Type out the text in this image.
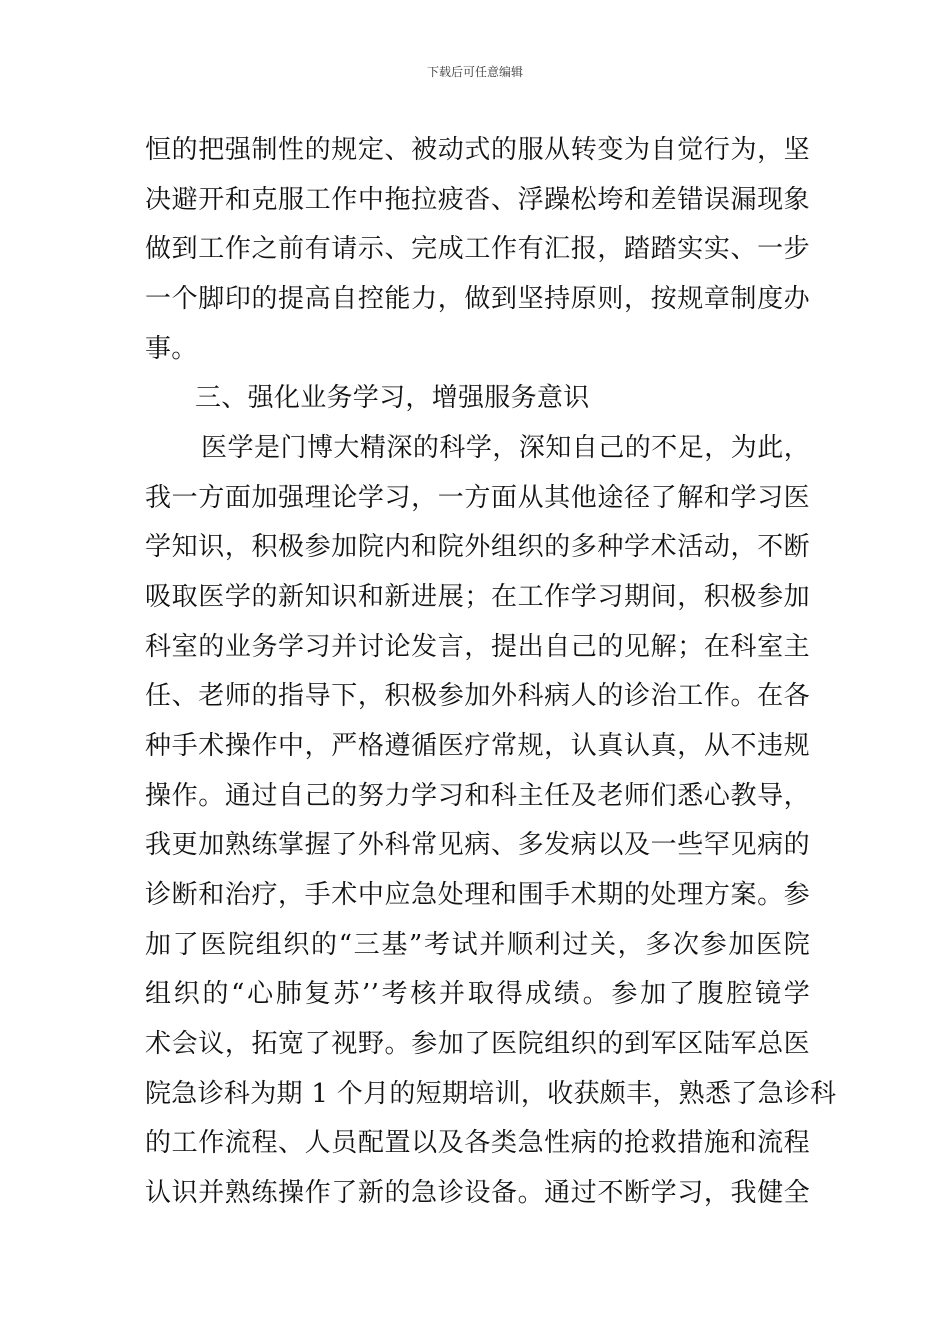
下载后可任意编辑
恒的把强制性的规定、被动式的服从转变为自觉行为，坚
决避开和克服工作中拖拉疲沓、浮躁松垮和差错误漏现象
做到工作之前有请示、完成工作有汇报，踏踏实实、一步
一个脚印的提高自控能力，做到坚持原则，按规章制度办
事。
三、强化业务学习，增强服务意识
医学是门博大精深的科学，深知自己的不足，为此，
我一方面加强理论学习，一方面从其他途径了解和学习医
学知识，积极参加院内和院外组织的多种学术活动，不断
吸取医学的新知识和新进展；在工作学习期间，积极参加
科室的业务学习并讨论发言，提出自己的见解；在科室主
任、老师的指导下，积极参加外科病人的诊治工作。在各
种手术操作中，严格遵循医疗常规，认真认真，从不违规
操作。通过自己的努力学习和科主任及老师们悉心教导，
我更加熟练掌握了外科常见病、多发病以及一些罕见病的
诊断和治疗，手术中应急处理和围手术期的处理方案。参
加了医院组织的“三基”考试并顺利过关，多次参加医院
组织的“心肺复苏’’考核并取得成绩。参加了腹腔镜学
术会议，拓宽了视野。参加了医院组织的到军区陆军总医
院急诊科为期 1 个月的短期培训，收获颇丰，熟悉了急诊科
的工作流程、人员配置以及各类急性病的抢救措施和流程
认识并熟练操作了新的急诊设备。通过不断学习，我健全
